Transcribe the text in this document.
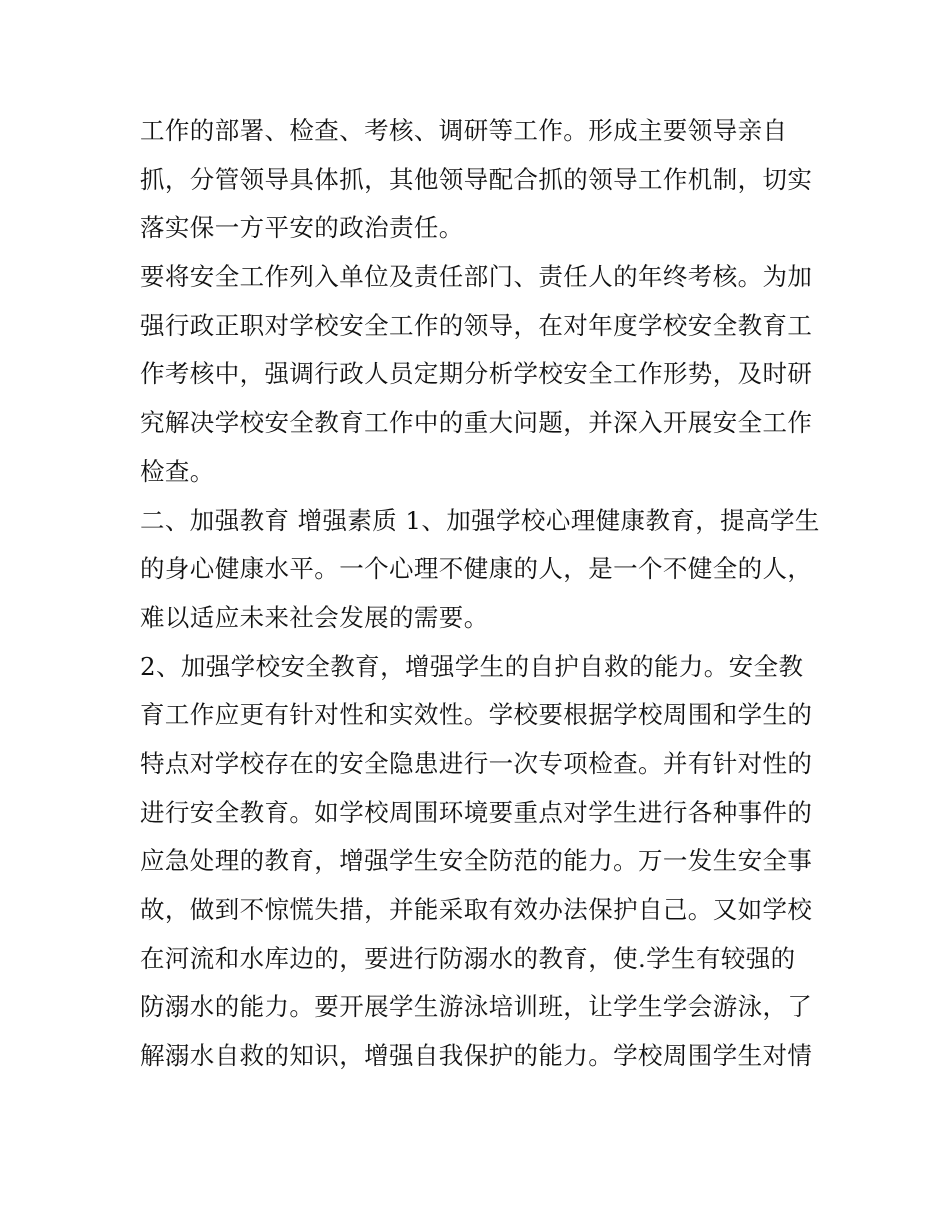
工作的部署、检查、考核、调研等工作。形成主要领导亲自
抓，分管领导具体抓，其他领导配合抓的领导工作机制，切实
落实保一方平安的政治责任。
要将安全工作列入单位及责任部门、责任人的年终考核。为加
强行政正职对学校安全工作的领导，在对年度学校安全教育工
作考核中，强调行政人员定期分析学校安全工作形势，及时研
究解决学校安全教育工作中的重大问题，并深入开展安全工作
检查。
二、加强教育 增强素质 1、加强学校心理健康教育，提高学生
的身心健康水平。一个心理不健康的人，是一个不健全的人，
难以适应未来社会发展的需要。
2、加强学校安全教育，增强学生的自护自救的能力。安全教
育工作应更有针对性和实效性。学校要根据学校周围和学生的
特点对学校存在的安全隐患进行一次专项检查。并有针对性的
进行安全教育。如学校周围环境要重点对学生进行各种事件的
应急处理的教育，增强学生安全防范的能力。万一发生安全事
故，做到不惊慌失措，并能采取有效办法保护自己。又如学校
在河流和水库边的，要进行防溺水的教育，使.学生有较强的
防溺水的能力。要开展学生游泳培训班，让学生学会游泳，了
解溺水自救的知识，增强自我保护的能力。学校周围学生对情
